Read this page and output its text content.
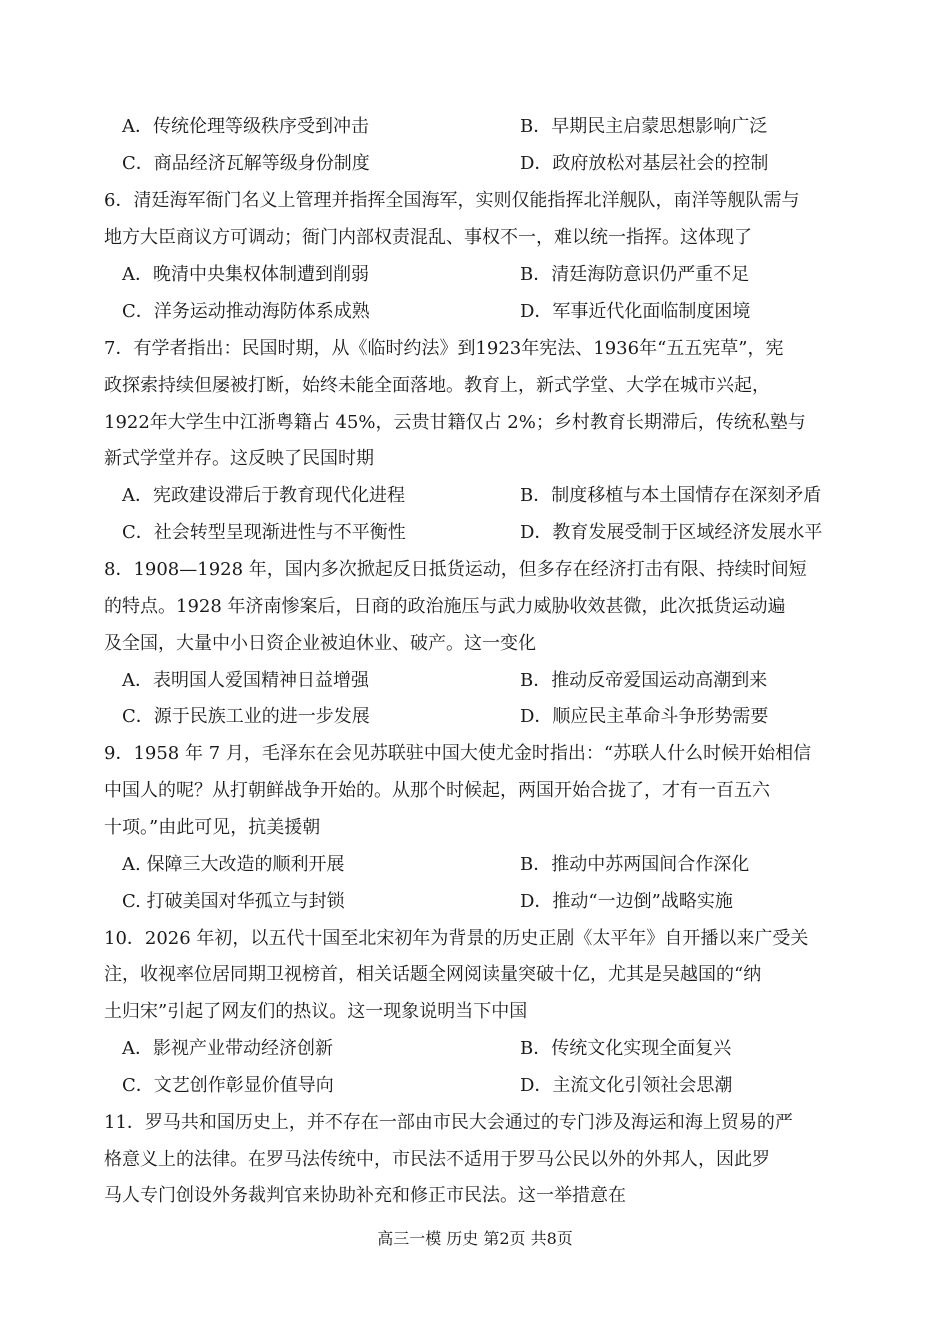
A．传统伦理等级秩序受到冲击	B．早期民主启蒙思想影响广泛
C．商品经济瓦解等级身份制度	D．政府放松对基层社会的控制
6．清廷海军衙门名义上管理并指挥全国海军，实则仅能指挥北洋舰队，南洋等舰队需与
地方大臣商议方可调动；衙门内部权责混乱、事权不一，难以统一指挥。这体现了
A．晚清中央集权体制遭到削弱	B．清廷海防意识仍严重不足
C．洋务运动推动海防体系成熟	D．军事近代化面临制度困境
7．有学者指出：民国时期，从《临时约法》到1923年宪法、1936年“五五宪草”，宪
政探索持续但屡被打断，始终未能全面落地。教育上，新式学堂、大学在城市兴起，
1922年大学生中江浙粤籍占 45%，云贵甘籍仅占 2%；乡村教育长期滞后，传统私塾与
新式学堂并存。这反映了民国时期
A．宪政建设滞后于教育现代化进程	B．制度移植与本土国情存在深刻矛盾
C．社会转型呈现渐进性与不平衡性	D．教育发展受制于区域经济发展水平
8．1908—1928 年，国内多次掀起反日抵货运动，但多存在经济打击有限、持续时间短
的特点。1928 年济南惨案后，日商的政治施压与武力威胁收效甚微，此次抵货运动遍
及全国，大量中小日资企业被迫休业、破产。这一变化
A．表明国人爱国精神日益增强	B．推动反帝爱国运动高潮到来
C．源于民族工业的进一步发展	D．顺应民主革命斗争形势需要
9．1958 年 7 月，毛泽东在会见苏联驻中国大使尤金时指出：“苏联人什么时候开始相信
中国人的呢？从打朝鲜战争开始的。从那个时候起，两国开始合拢了，才有一百五六
十项。”由此可见，抗美援朝
A. 保障三大改造的顺利开展	B．推动中苏两国间合作深化
C. 打破美国对华孤立与封锁	D．推动“一边倒”战略实施
10．2026 年初，以五代十国至北宋初年为背景的历史正剧《太平年》自开播以来广受关
注，收视率位居同期卫视榜首，相关话题全网阅读量突破十亿，尤其是吴越国的“纳
土归宋”引起了网友们的热议。这一现象说明当下中国
A．影视产业带动经济创新	B．传统文化实现全面复兴
C．文艺创作彰显价值导向	D．主流文化引领社会思潮
11．罗马共和国历史上，并不存在一部由市民大会通过的专门涉及海运和海上贸易的严
格意义上的法律。在罗马法传统中，市民法不适用于罗马公民以外的外邦人，因此罗
马人专门创设外务裁判官来协助补充和修正市民法。这一举措意在
高三一模 历史 第2页 共8页
